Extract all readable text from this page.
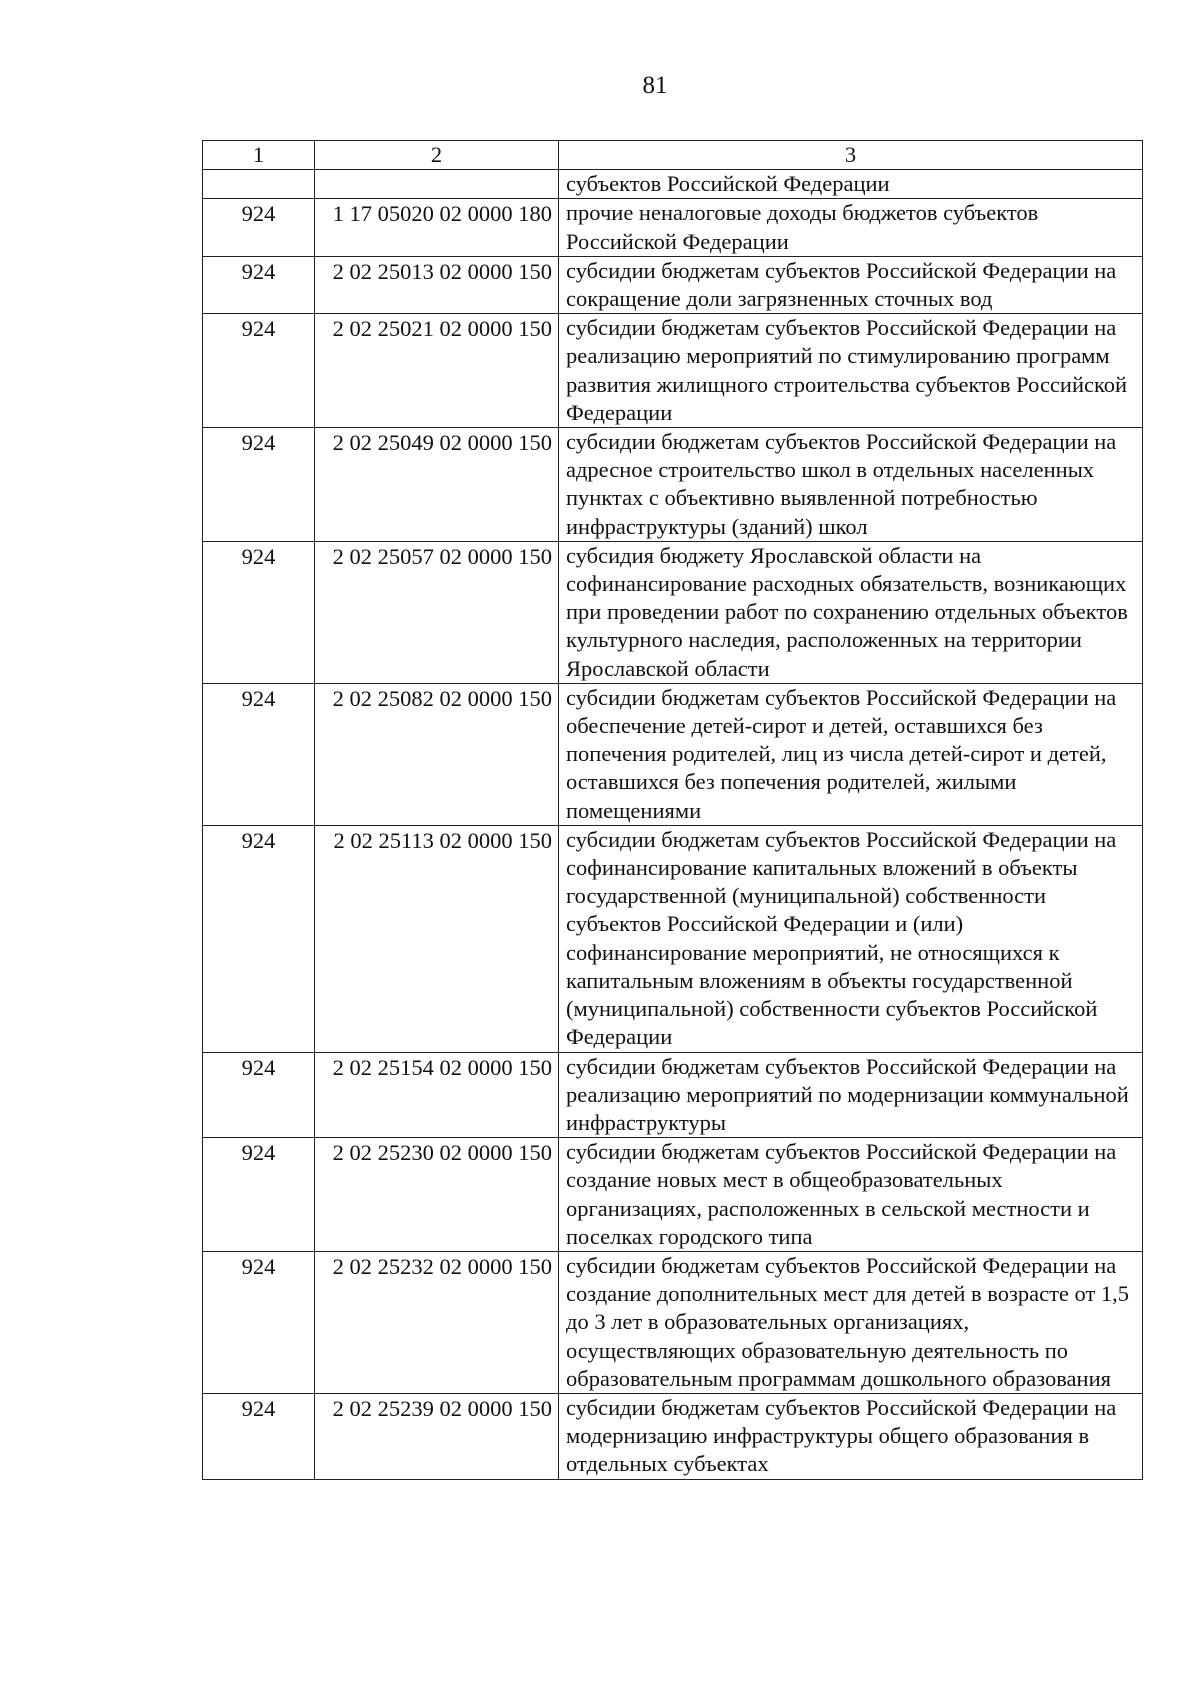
81
1	2	3
		субъектов Российской Федерации
924	1 17 05020 02 0000 180	прочие неналоговые доходы бюджетов субъектов Российской Федерации
924	2 02 25013 02 0000 150	субсидии бюджетам субъектов Российской Федерации на сокращение доли загрязненных сточных вод
924	2 02 25021 02 0000 150	субсидии бюджетам субъектов Российской Федерации на реализацию мероприятий по стимулированию программ развития жилищного строительства субъектов Российской Федерации
924	2 02 25049 02 0000 150	субсидии бюджетам субъектов Российской Федерации на адресное строительство школ в отдельных населенных пунктах с объективно выявленной потребностью инфраструктуры (зданий) школ
924	2 02 25057 02 0000 150	субсидия бюджету Ярославской области на софинансирование расходных обязательств, возникающих при проведении работ по сохранению отдельных объектов культурного наследия, расположенных на территории Ярославской области
924	2 02 25082 02 0000 150	субсидии бюджетам субъектов Российской Федерации на обеспечение детей-сирот и детей, оставшихся без попечения родителей, лиц из числа детей-сирот и детей, оставшихся без попечения родителей, жилыми помещениями
924	2 02 25113 02 0000 150	субсидии бюджетам субъектов Российской Федерации на софинансирование капитальных вложений в объекты государственной (муниципальной) собственности субъектов Российской Федерации и (или) софинансирование мероприятий, не относящихся к капитальным вложениям в объекты государственной (муниципальной) собственности субъектов Российской Федерации
924	2 02 25154 02 0000 150	субсидии бюджетам субъектов Российской Федерации на реализацию мероприятий по модернизации коммунальной инфраструктуры
924	2 02 25230 02 0000 150	субсидии бюджетам субъектов Российской Федерации на создание новых мест в общеобразовательных организациях, расположенных в сельской местности и поселках городского типа
924	2 02 25232 02 0000 150	субсидии бюджетам субъектов Российской Федерации на создание дополнительных мест для детей в возрасте от 1,5 до 3 лет в образовательных организациях, осуществляющих образовательную деятельность по образовательным программам дошкольного образования
924	2 02 25239 02 0000 150	субсидии бюджетам субъектов Российской Федерации на модернизацию инфраструктуры общего образования в отдельных субъектах
